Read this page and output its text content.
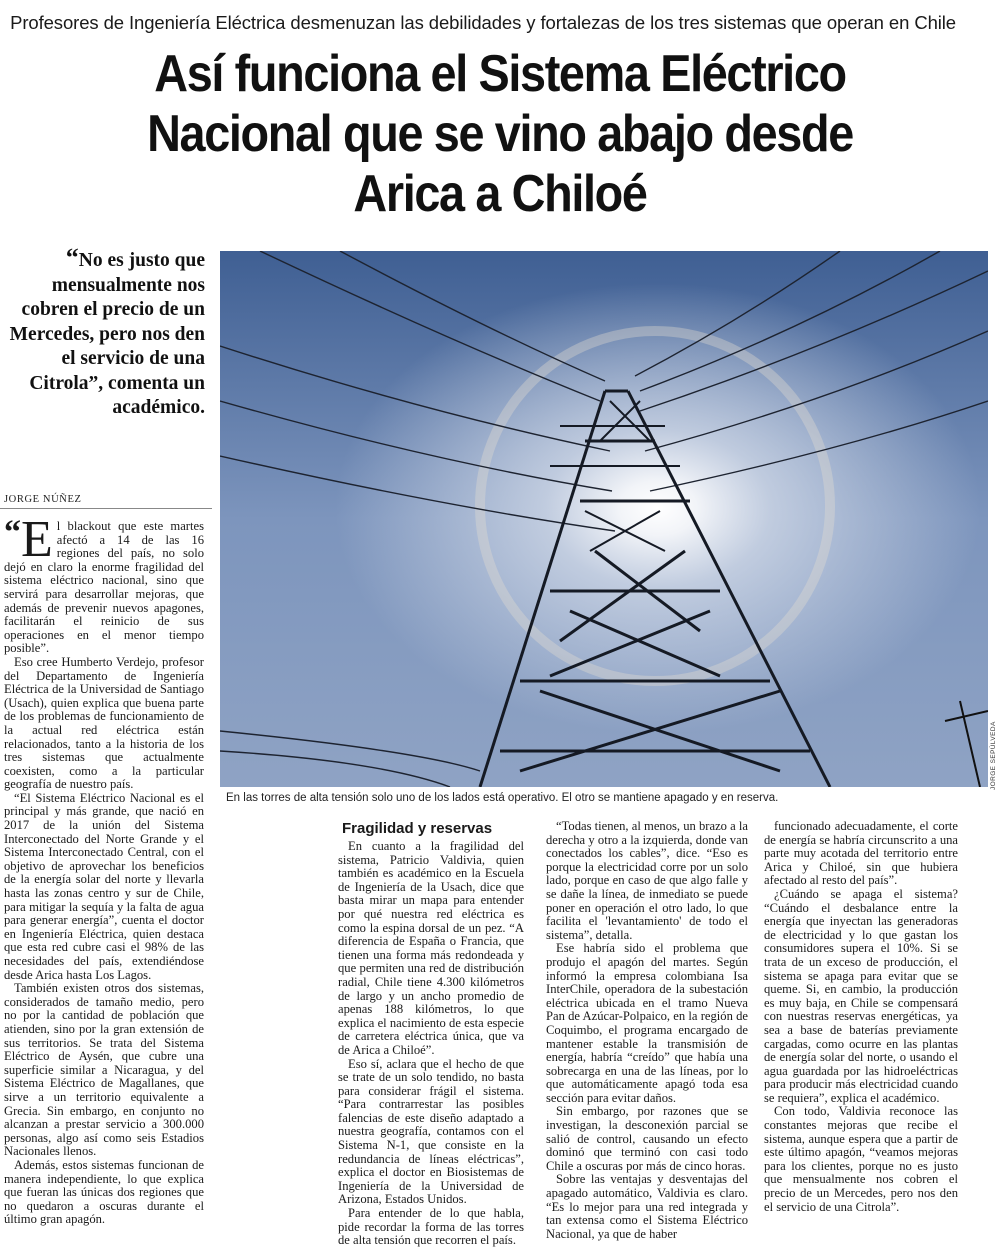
Profesores de Ingeniería Eléctrica desmenuzan las debilidades y fortalezas de los tres sistemas que operan en Chile
Así funciona el Sistema Eléctrico
Nacional que se vino abajo desde
Arica a Chiloé
“No es justo que mensualmente nos cobren el precio de un Mercedes, pero nos den el servicio de una Citrola”, comenta un académico.
JORGE NÚÑEZ
JORGE SEPÚLVEDA
En las torres de alta tensión solo uno de los lados está operativo. El otro se mantiene apagado y en reserva.

“ E l blackout que este martes afectó a 14 de las 16 regiones del país, no solo dejó en claro la enorme fragilidad del sistema eléctrico nacional, sino que servirá para desarrollar mejoras, que además de prevenir nuevos apagones, facilitarán el reinicio de sus operaciones en el menor tiempo posible”.

Eso cree Humberto Verdejo, profesor del Departamento de Ingeniería Eléctrica de la Universidad de Santiago (Usach), quien explica que buena parte de los problemas de funcionamiento de la actual red eléctrica están relacionados, tanto a la historia de los tres sistemas que actualmente coexisten, como a la particular geografía de nuestro país.

“El Sistema Eléctrico Nacional es el principal y más grande, que nació en 2017 de la unión del Sistema Interconectado del Norte Grande y el Sistema Interconectado Central, con el objetivo de aprovechar los beneficios de la energía solar del norte y llevarla hasta las zonas centro y sur de Chile, para mitigar la sequía y la falta de agua para generar energía”, cuenta el doctor en Ingeniería Eléctrica, quien destaca que esta red cubre casi el 98% de las necesidades del país, extendiéndose desde Arica hasta Los Lagos.

También existen otros dos sistemas, considerados de tamaño medio, pero no por la cantidad de población que atienden, sino por la gran extensión de sus territorios. Se trata del Sistema Eléctrico de Aysén, que cubre una superficie similar a Nicaragua, y del Sistema Eléctrico de Magallanes, que sirve a un territorio equivalente a Grecia. Sin embargo, en conjunto no alcanzan a prestar servicio a 300.000 personas, algo así como seis Estadios Nacionales llenos.

Además, estos sistemas funcionan de manera independiente, lo que explica que fueran las únicas dos regiones que no quedaron a oscuras durante el último gran apagón.

Fragilidad y reservas

En cuanto a la fragilidad del sistema, Patricio Valdivia, quien también es académico en la Escuela de Ingeniería de la Usach, dice que basta mirar un mapa para entender por qué nuestra red eléctrica es como la espina dorsal de un pez. “A diferencia de España o Francia, que tienen una forma más redondeada y que permiten una red de distribución radial, Chile tiene 4.300 kilómetros de largo y un ancho promedio de apenas 188 kilómetros, lo que explica el nacimiento de esta especie de carretera eléctrica única, que va de Arica a Chiloé”.

Eso sí, aclara que el hecho de que se trate de un solo tendido, no basta para considerar frágil el sistema. “Para contrarrestar las posibles falencias de este diseño adaptado a nuestra geografía, contamos con el Sistema N-1, que consiste en la redundancia de líneas eléctricas”, explica el doctor en Biosistemas de Ingeniería de la Universidad de Arizona, Estados Unidos.

Para entender de lo que habla, pide recordar la forma de las torres de alta tensión que recorren el país.

“Todas tienen, al menos, un brazo a la derecha y otro a la izquierda, donde van conectados los cables”, dice. “Eso es porque la electricidad corre por un solo lado, porque en caso de que algo falle y se dañe la línea, de inmediato se puede poner en operación el otro lado, lo que facilita el 'levantamiento' de todo el sistema”, detalla.

Ese habría sido el problema que produjo el apagón del martes. Según informó la empresa colombiana Isa InterChile, operadora de la subestación eléctrica ubicada en el tramo Nueva Pan de Azúcar-Polpaico, en la región de Coquimbo, el programa encargado de mantener estable la transmisión de energía, habría “creído” que había una sobrecarga en una de las líneas, por lo que automáticamente apagó toda esa sección para evitar daños.

Sin embargo, por razones que se investigan, la desconexión parcial se salió de control, causando un efecto dominó que terminó con casi todo Chile a oscuras por más de cinco horas.

Sobre las ventajas y desventajas del apagado automático, Valdivia es claro. “Es lo mejor para una red integrada y tan extensa como el Sistema Eléctrico Nacional, ya que de haber

funcionado adecuadamente, el corte de energía se habría circunscrito a una parte muy acotada del territorio entre Arica y Chiloé, sin que hubiera afectado al resto del país”.

¿Cuándo se apaga el sistema? “Cuándo el desbalance entre la energía que inyectan las generadoras de electricidad y lo que gastan los consumidores supera el 10%. Si se trata de un exceso de producción, el sistema se apaga para evitar que se queme. Si, en cambio, la producción es muy baja, en Chile se compensará con nuestras reservas energéticas, ya sea a base de baterías previamente cargadas, como ocurre en las plantas de energía solar del norte, o usando el agua guardada por las hidroeléctricas para producir más electricidad cuando se requiera”, explica el académico.

Con todo, Valdivia reconoce las constantes mejoras que recibe el sistema, aunque espera que a partir de este último apagón, “veamos mejoras para los clientes, porque no es justo que mensualmente nos cobren el precio de un Mercedes, pero nos den el servicio de una Citrola”.
